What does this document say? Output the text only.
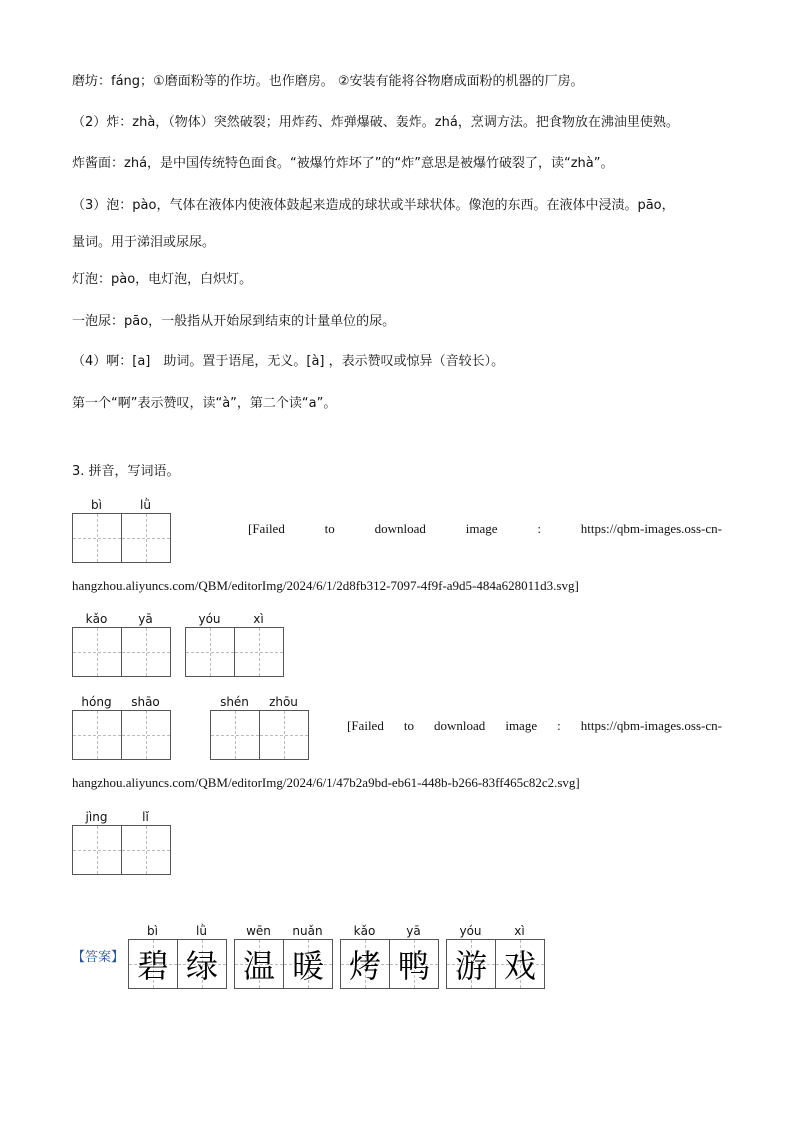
磨坊：fáng；①磨面粉等的作坊。也作磨房。 ②安装有能将谷物磨成面粉的机器的厂房。
（2）炸：zhà，（物体）突然破裂；用炸药、炸弹爆破、轰炸。zhá，烹调方法。把食物放在沸油里使熟。
炸酱面：zhá，是中国传统特色面食。“被爆竹炸坏了”的“炸”意思是被爆竹破裂了，读“zhà”。
（3）泡：pào，气体在液体内使液体鼓起来造成的球状或半球状体。像泡的东西。在液体中浸渍。pāo，
量词。用于涕泪或尿尿。
灯泡：pào，电灯泡，白炽灯。
一泡尿：pāo，一般指从开始尿到结束的计量单位的尿。
（4）啊：[a]　助词。置于语尾，无义。[à] ，表示赞叹或惊异（音较长）。
第一个“啊”表示赞叹，读“à”，第二个读“a”。
3. 拼音，写词语。
bì	lǜ
[Failed	to	download	image	:	https://qbm-images.oss-cn-
hangzhou.aliyuncs.com/QBM/editorImg/2024/6/1/2d8fb312-7097-4f9f-a9d5-484a628011d3.svg]
kǎo	yā	yóu	xì
hóng	shāo	shén	zhōu
[Failed to download image : https://qbm-images.oss-cn-
hangzhou.aliyuncs.com/QBM/editorImg/2024/6/1/47b2a9bd-eb61-448b-b266-83ff465c82c2.svg]
jìng	lǐ
【答案】
bì	lǜ
碧 绿
wēn	nuǎn
温 暖
kǎo	yā
烤 鸭
yóu	xì
游 戏
